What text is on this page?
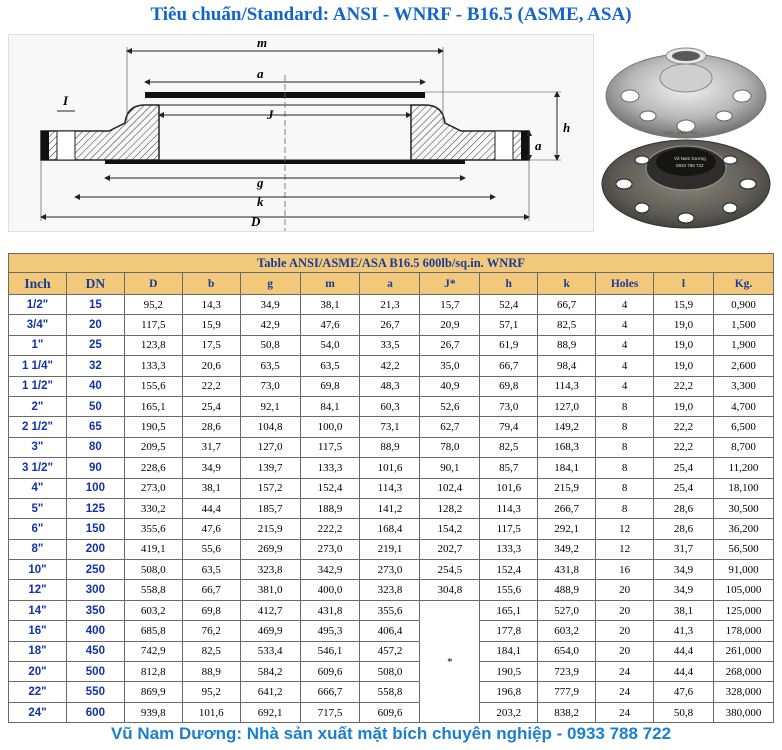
Tiêu chuẩn/Standard: ANSI - WNRF - B16.5 (ASME, ASA)
m
a
J
g
k
D
h
a
I
ANSI - WNRF B16
Vũ Nam Dương
0933 788 722
Table ANSI/ASME/ASA B16.5 600lb/sq.in. WNRF												
Inch	DN	D	b	g	m	a	J*	h	k	Holes	l	Kg.
1/2"	15	95,2	14,3	34,9	38,1	21,3	15,7	52,4	66,7	4	15,9	0,900
3/4"	20	117,5	15,9	42,9	47,6	26,7	20,9	57,1	82,5	4	19,0	1,500
1"	25	123,8	17,5	50,8	54,0	33,5	26,7	61,9	88,9	4	19,0	1,900
1 1/4"	32	133,3	20,6	63,5	63,5	42,2	35,0	66,7	98,4	4	19,0	2,600
1 1/2"	40	155,6	22,2	73,0	69,8	48,3	40,9	69,8	114,3	4	22,2	3,300
2"	50	165,1	25,4	92,1	84,1	60,3	52,6	73,0	127,0	8	19,0	4,700
2 1/2"	65	190,5	28,6	104,8	100,0	73,1	62,7	79,4	149,2	8	22,2	6,500
3"	80	209,5	31,7	127,0	117,5	88,9	78,0	82,5	168,3	8	22,2	8,700
3 1/2"	90	228,6	34,9	139,7	133,3	101,6	90,1	85,7	184,1	8	25,4	11,200
4"	100	273,0	38,1	157,2	152,4	114,3	102,4	101,6	215,9	8	25,4	18,100
5"	125	330,2	44,4	185,7	188,9	141,2	128,2	114,3	266,7	8	28,6	30,500
6"	150	355,6	47,6	215,9	222,2	168,4	154,2	117,5	292,1	12	28,6	36,200
8"	200	419,1	55,6	269,9	273,0	219,1	202,7	133,3	349,2	12	31,7	56,500
10"	250	508,0	63,5	323,8	342,9	273,0	254,5	152,4	431,8	16	34,9	91,000
12"	300	558,8	66,7	381,0	400,0	323,8	304,8	155,6	488,9	20	34,9	105,000
14"	350	603,2	69,8	412,7	431,8	355,6	*	165,1	527,0	20	38,1	125,000
16"	400	685,8	76,2	469,9	495,3	406,4		177,8	603,2	20	41,3	178,000
18"	450	742,9	82,5	533,4	546,1	457,2		184,1	654,0	20	44,4	261,000
20"	500	812,8	88,9	584,2	609,6	508,0		190,5	723,9	24	44,4	268,000
22"	550	869,9	95,2	641,2	666,7	558,8		196,8	777,9	24	47,6	328,000
24"	600	939,8	101,6	692,1	717,5	609,6		203,2	838,2	24	50,8	380,000
Vũ Nam Dương: Nhà sản xuất mặt bích chuyên nghiệp - 0933 788 722
